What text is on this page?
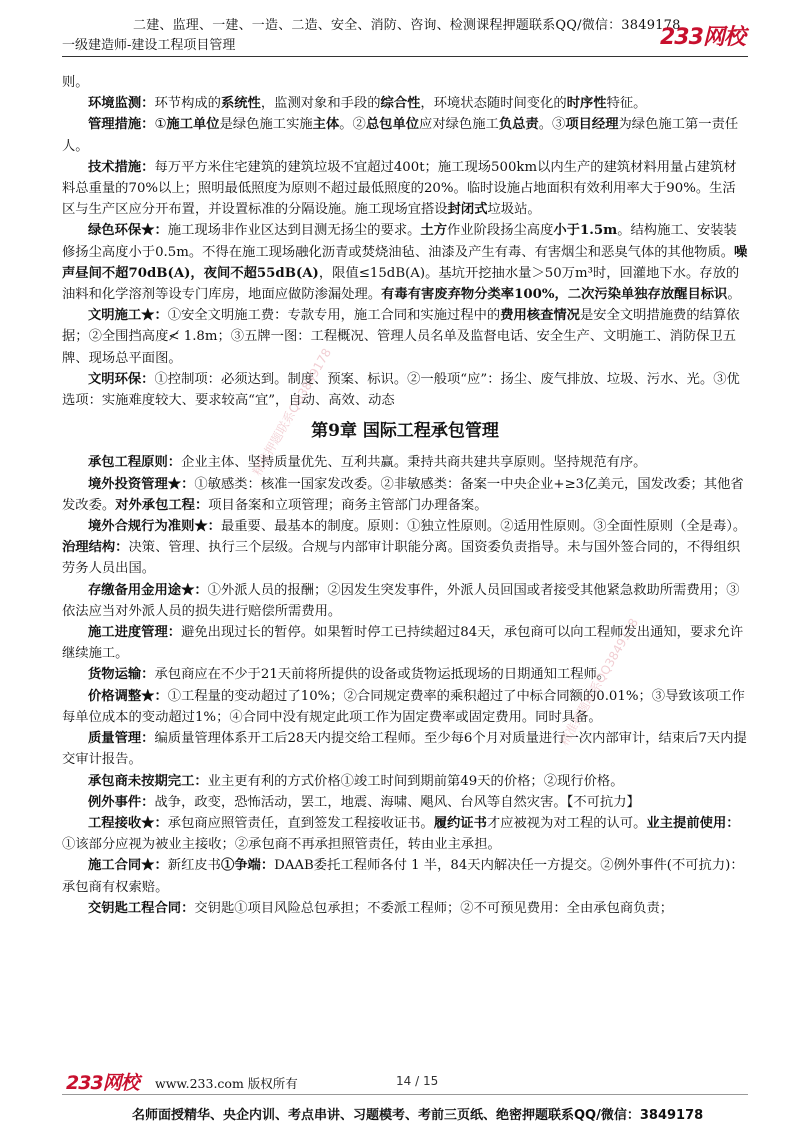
二建、监理、一建、一造、二造、安全、消防、咨询、检测课程押题联系QQ/微信：3849178
一级建造师-建设工程项目管理	233网校
精准押题联系QQ3849178
精准押题联系QQ3849178

则。

环境监测：环节构成的系统性，监测对象和手段的综合性，环境状态随时间变化的时序性特征。

管理措施：①施工单位是绿色施工实施主体。②总包单位应对绿色施工负总责。③项目经理为绿色施工第一责任人。

技术措施：每万平方米住宅建筑的建筑垃圾不宜超过400t；施工现场500km以内生产的建筑材料用量占建筑材料总重量的70%以上；照明最低照度为原则不超过最低照度的20%。临时设施占地面积有效利用率大于90%。生活区与生产区应分开布置，并设置标准的分隔设施。施工现场宜搭设封闭式垃圾站。

绿色环保★：施工现场非作业区达到目测无扬尘的要求。土方作业阶段扬尘高度小于1.5m。结构施工、安装装修扬尘高度小于0.5m。不得在施工现场融化沥青或焚烧油毡、油漆及产生有毒、有害烟尘和恶臭气体的其他物质。噪声昼间不超70dB(A)，夜间不超55dB(A)，限值≤15dB(A)。基坑开挖抽水量＞50万m³时，回灌地下水。存放的油料和化学溶剂等设专门库房，地面应做防渗漏处理。有毒有害废弃物分类率100%，二次污染单独存放醒目标识。

文明施工★：①安全文明施工费：专款专用，施工合同和实施过程中的费用核查情况是安全文明措施费的结算依据；②全围挡高度≮ 1.8m；③五牌一图：工程概况、管理人员名单及监督电话、安全生产、文明施工、消防保卫五牌、现场总平面图。

文明环保：①控制项：必须达到。制度、预案、标识。②一般项“应”：扬尘、废气排放、垃圾、污水、光。③优选项：实施难度较大、要求较高“宜”，自动、高效、动态

第9章 国际工程承包管理

承包工程原则：企业主体、坚持质量优先、互利共赢。秉持共商共建共享原则。坚持规范有序。

境外投资管理★：①敏感类：核准一国家发改委。②非敏感类：备案一中央企业+≥3亿美元，国发改委；其他省发改委。对外承包工程：项目备案和立项管理；商务主管部门办理备案。

境外合规行为准则★：最重要、最基本的制度。原则：①独立性原则。②适用性原则。③全面性原则（全是毒）。治理结构：决策、管理、执行三个层级。合规与内部审计职能分离。国资委负责指导。未与国外签合同的，不得组织劳务人员出国。

存缴备用金用途★：①外派人员的报酬；②因发生突发事件，外派人员回国或者接受其他紧急救助所需费用；③依法应当对外派人员的损失进行赔偿所需费用。

施工进度管理：避免出现过长的暂停。如果暂时停工已持续超过84天，承包商可以向工程师发出通知，要求允许继续施工。

货物运输：承包商应在不少于21天前将所提供的设备或货物运抵现场的日期通知工程师。

价格调整★：①工程量的变动超过了10%；②合同规定费率的乘积超过了中标合同额的0.01%；③导致该项工作每单位成本的变动超过1%；④合同中没有规定此项工作为固定费率或固定费用。同时具备。

质量管理：编质量管理体系开工后28天内提交给工程师。至少每6个月对质量进行一次内部审计，结束后7天内提交审计报告。

承包商未按期完工：业主更有利的方式价格①竣工时间到期前第49天的价格；②现行价格。

例外事件：战争，政变，恐怖活动，罢工，地震、海啸、飓风、台风等自然灾害。【不可抗力】

工程接收★：承包商应照管责任，直到签发工程接收证书。履约证书才应被视为对工程的认可。业主提前使用：①该部分应视为被业主接收；②承包商不再承担照管责任，转由业主承担。

施工合同★：新红皮书①争端：DAAB委托工程师各付 1 半，84天内解决任一方提交。②例外事件(不可抗力)：承包商有权索赔。

交钥匙工程合同：交钥匙①项目风险总包承担；不委派工程师；②不可预见费用：全由承包商负责；

233网校 www.233.com 版权所有	14 / 15
名师面授精华、央企内训、考点串讲、习题模考、考前三页纸、绝密押题联系QQ/微信：3849178
